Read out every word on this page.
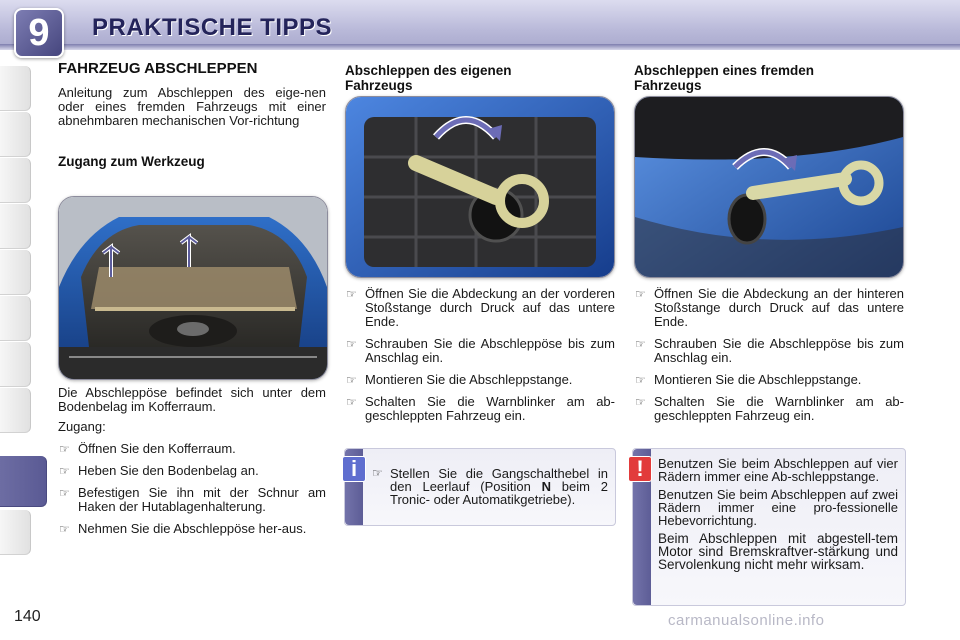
9	PRAKTISCHE TIPPS
FAHRZEUG ABSCHLEPPEN

Anleitung zum Abschleppen des eige-nen oder eines fremden Fahrzeugs mit einer abnehmbaren mechanischen Vor-richtung

Zugang zum Werkzeug

Die Abschleppöse befindet sich unter dem Bodenbelag im Kofferraum.

Zugang:

☞ Öffnen Sie den Kofferraum.
☞ Heben Sie den Bodenbelag an.
☞ Befestigen Sie ihn mit der Schnur am Haken der Hutablagenhalterung.
☞ Nehmen Sie die Abschleppöse her-aus.
Abschleppen des eigenen Fahrzeugs
☞ Öffnen Sie die Abdeckung an der vorderen Stoßstange durch Druck auf das untere Ende.
☞ Schrauben Sie die Abschleppöse bis zum Anschlag ein.
☞ Montieren Sie die Abschleppstange.
☞ Schalten Sie die Warnblinker am ab-geschleppten Fahrzeug ein.
i	☞ Stellen Sie die Gangschalthebel in den Leerlauf (Position N beim 2 Tronic- oder Automatikgetriebe).
Abschleppen eines fremden Fahrzeugs
☞ Öffnen Sie die Abdeckung an der hinteren Stoßstange durch Druck auf das untere Ende.
☞ Schrauben Sie die Abschleppöse bis zum Anschlag ein.
☞ Montieren Sie die Abschleppstange.
☞ Schalten Sie die Warnblinker am ab-geschleppten Fahrzeug ein.
!	Benutzen Sie beim Abschleppen auf vier Rädern immer eine Ab-schleppstange.

Benutzen Sie beim Abschleppen auf zwei Rädern immer eine pro-fessionelle Hebevorrichtung.

Beim Abschleppen mit abgestell-tem Motor sind Bremskraftver-stärkung und Servolenkung nicht mehr wirksam.

140	carmanualsonline.info
